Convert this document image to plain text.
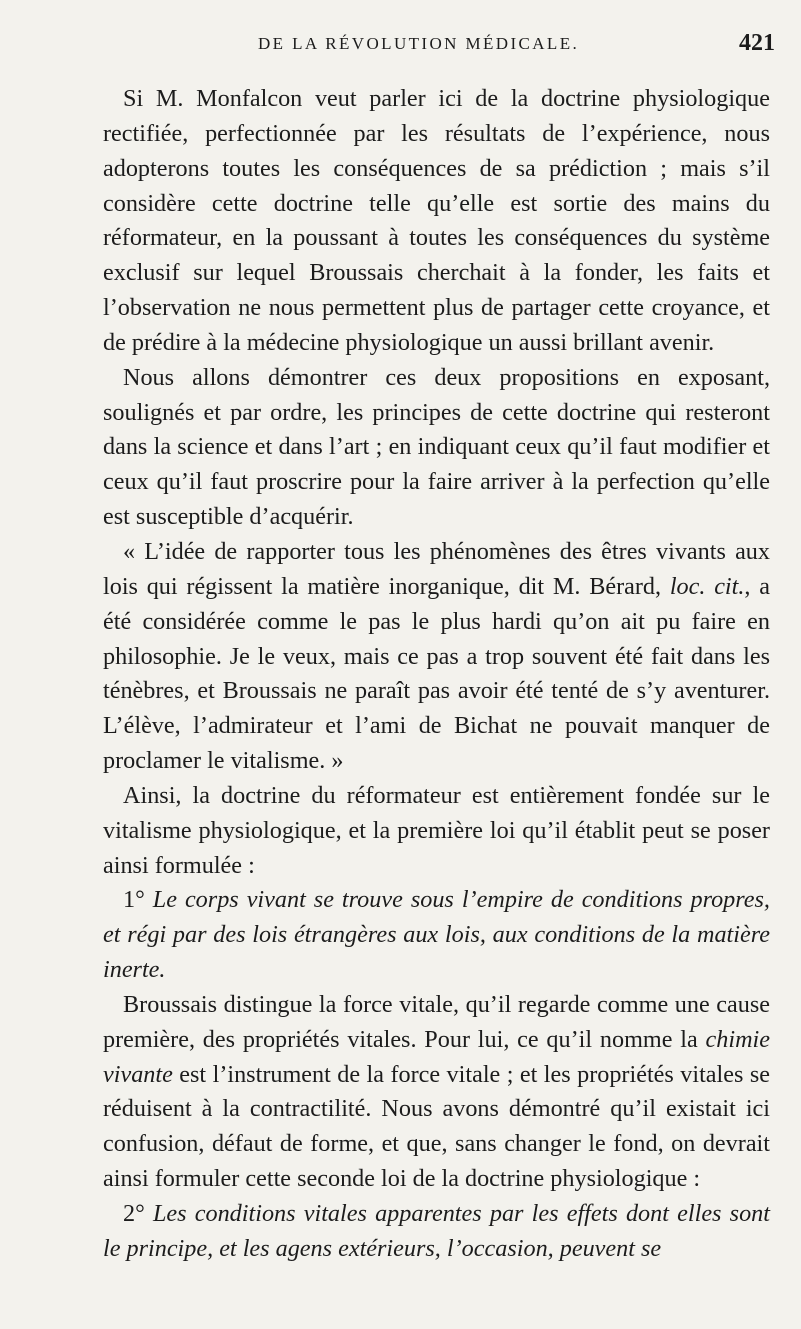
DE LA RÉVOLUTION MÉDICALE.	421

Si M. Monfalcon veut parler ici de la doctrine physiologique rectifiée, perfectionnée par les résultats de l’expérience, nous adopterons toutes les conséquences de sa prédiction ; mais s’il considère cette doctrine telle qu’elle est sortie des mains du réformateur, en la poussant à toutes les conséquences du système exclusif sur lequel Broussais cherchait à la fonder, les faits et l’observation ne nous permettent plus de partager cette croyance, et de prédire à la médecine physiologique un aussi brillant avenir.

Nous allons démontrer ces deux propositions en exposant, soulignés et par ordre, les principes de cette doctrine qui resteront dans la science et dans l’art ; en indiquant ceux qu’il faut modifier et ceux qu’il faut proscrire pour la faire arriver à la perfection qu’elle est susceptible d’acquérir.

« L’idée de rapporter tous les phénomènes des êtres vivants aux lois qui régissent la matière inorganique, dit M. Bérard, loc. cit., a été considérée comme le pas le plus hardi qu’on ait pu faire en philosophie. Je le veux, mais ce pas a trop souvent été fait dans les ténèbres, et Broussais ne paraît pas avoir été tenté de s’y aventurer. L’élève, l’admirateur et l’ami de Bichat ne pouvait manquer de proclamer le vitalisme. »

Ainsi, la doctrine du réformateur est entièrement fondée sur le vitalisme physiologique, et la première loi qu’il établit peut se poser ainsi formulée :

1° Le corps vivant se trouve sous l’empire de conditions propres, et régi par des lois étrangères aux lois, aux conditions de la matière inerte.

Broussais distingue la force vitale, qu’il regarde comme une cause première, des propriétés vitales. Pour lui, ce qu’il nomme la chimie vivante est l’instrument de la force vitale ; et les propriétés vitales se réduisent à la contractilité. Nous avons démontré qu’il existait ici confusion, défaut de forme, et que, sans changer le fond, on devrait ainsi formuler cette seconde loi de la doctrine physiologique :

2° Les conditions vitales apparentes par les effets dont elles sont le principe, et les agens extérieurs, l’occasion, peuvent se
